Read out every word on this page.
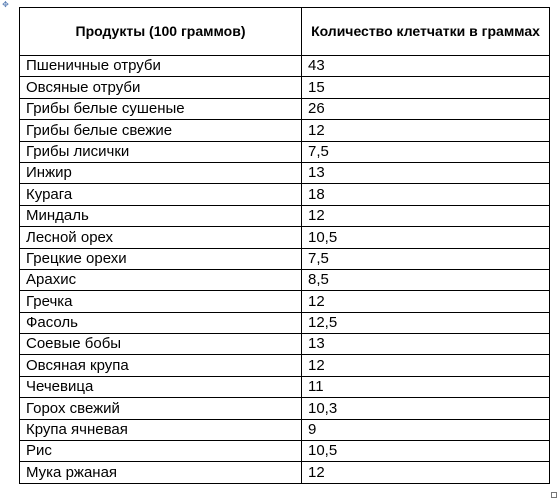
✥
Продукты (100 граммов)	Количество клетчатки в граммах
Пшеничные отруби	43
Овсяные отруби	15
Грибы белые сушеные	26
Грибы белые свежие	12
Грибы лисички	7,5
Инжир	13
Курага	18
Миндаль	12
Лесной орех	10,5
Грецкие орехи	7,5
Арахис	8,5
Гречка	12
Фасоль	12,5
Соевые бобы	13
Овсяная крупа	12
Чечевица	11
Горох свежий	10,3
Крупа ячневая	9
Рис	10,5
Мука ржаная	12
